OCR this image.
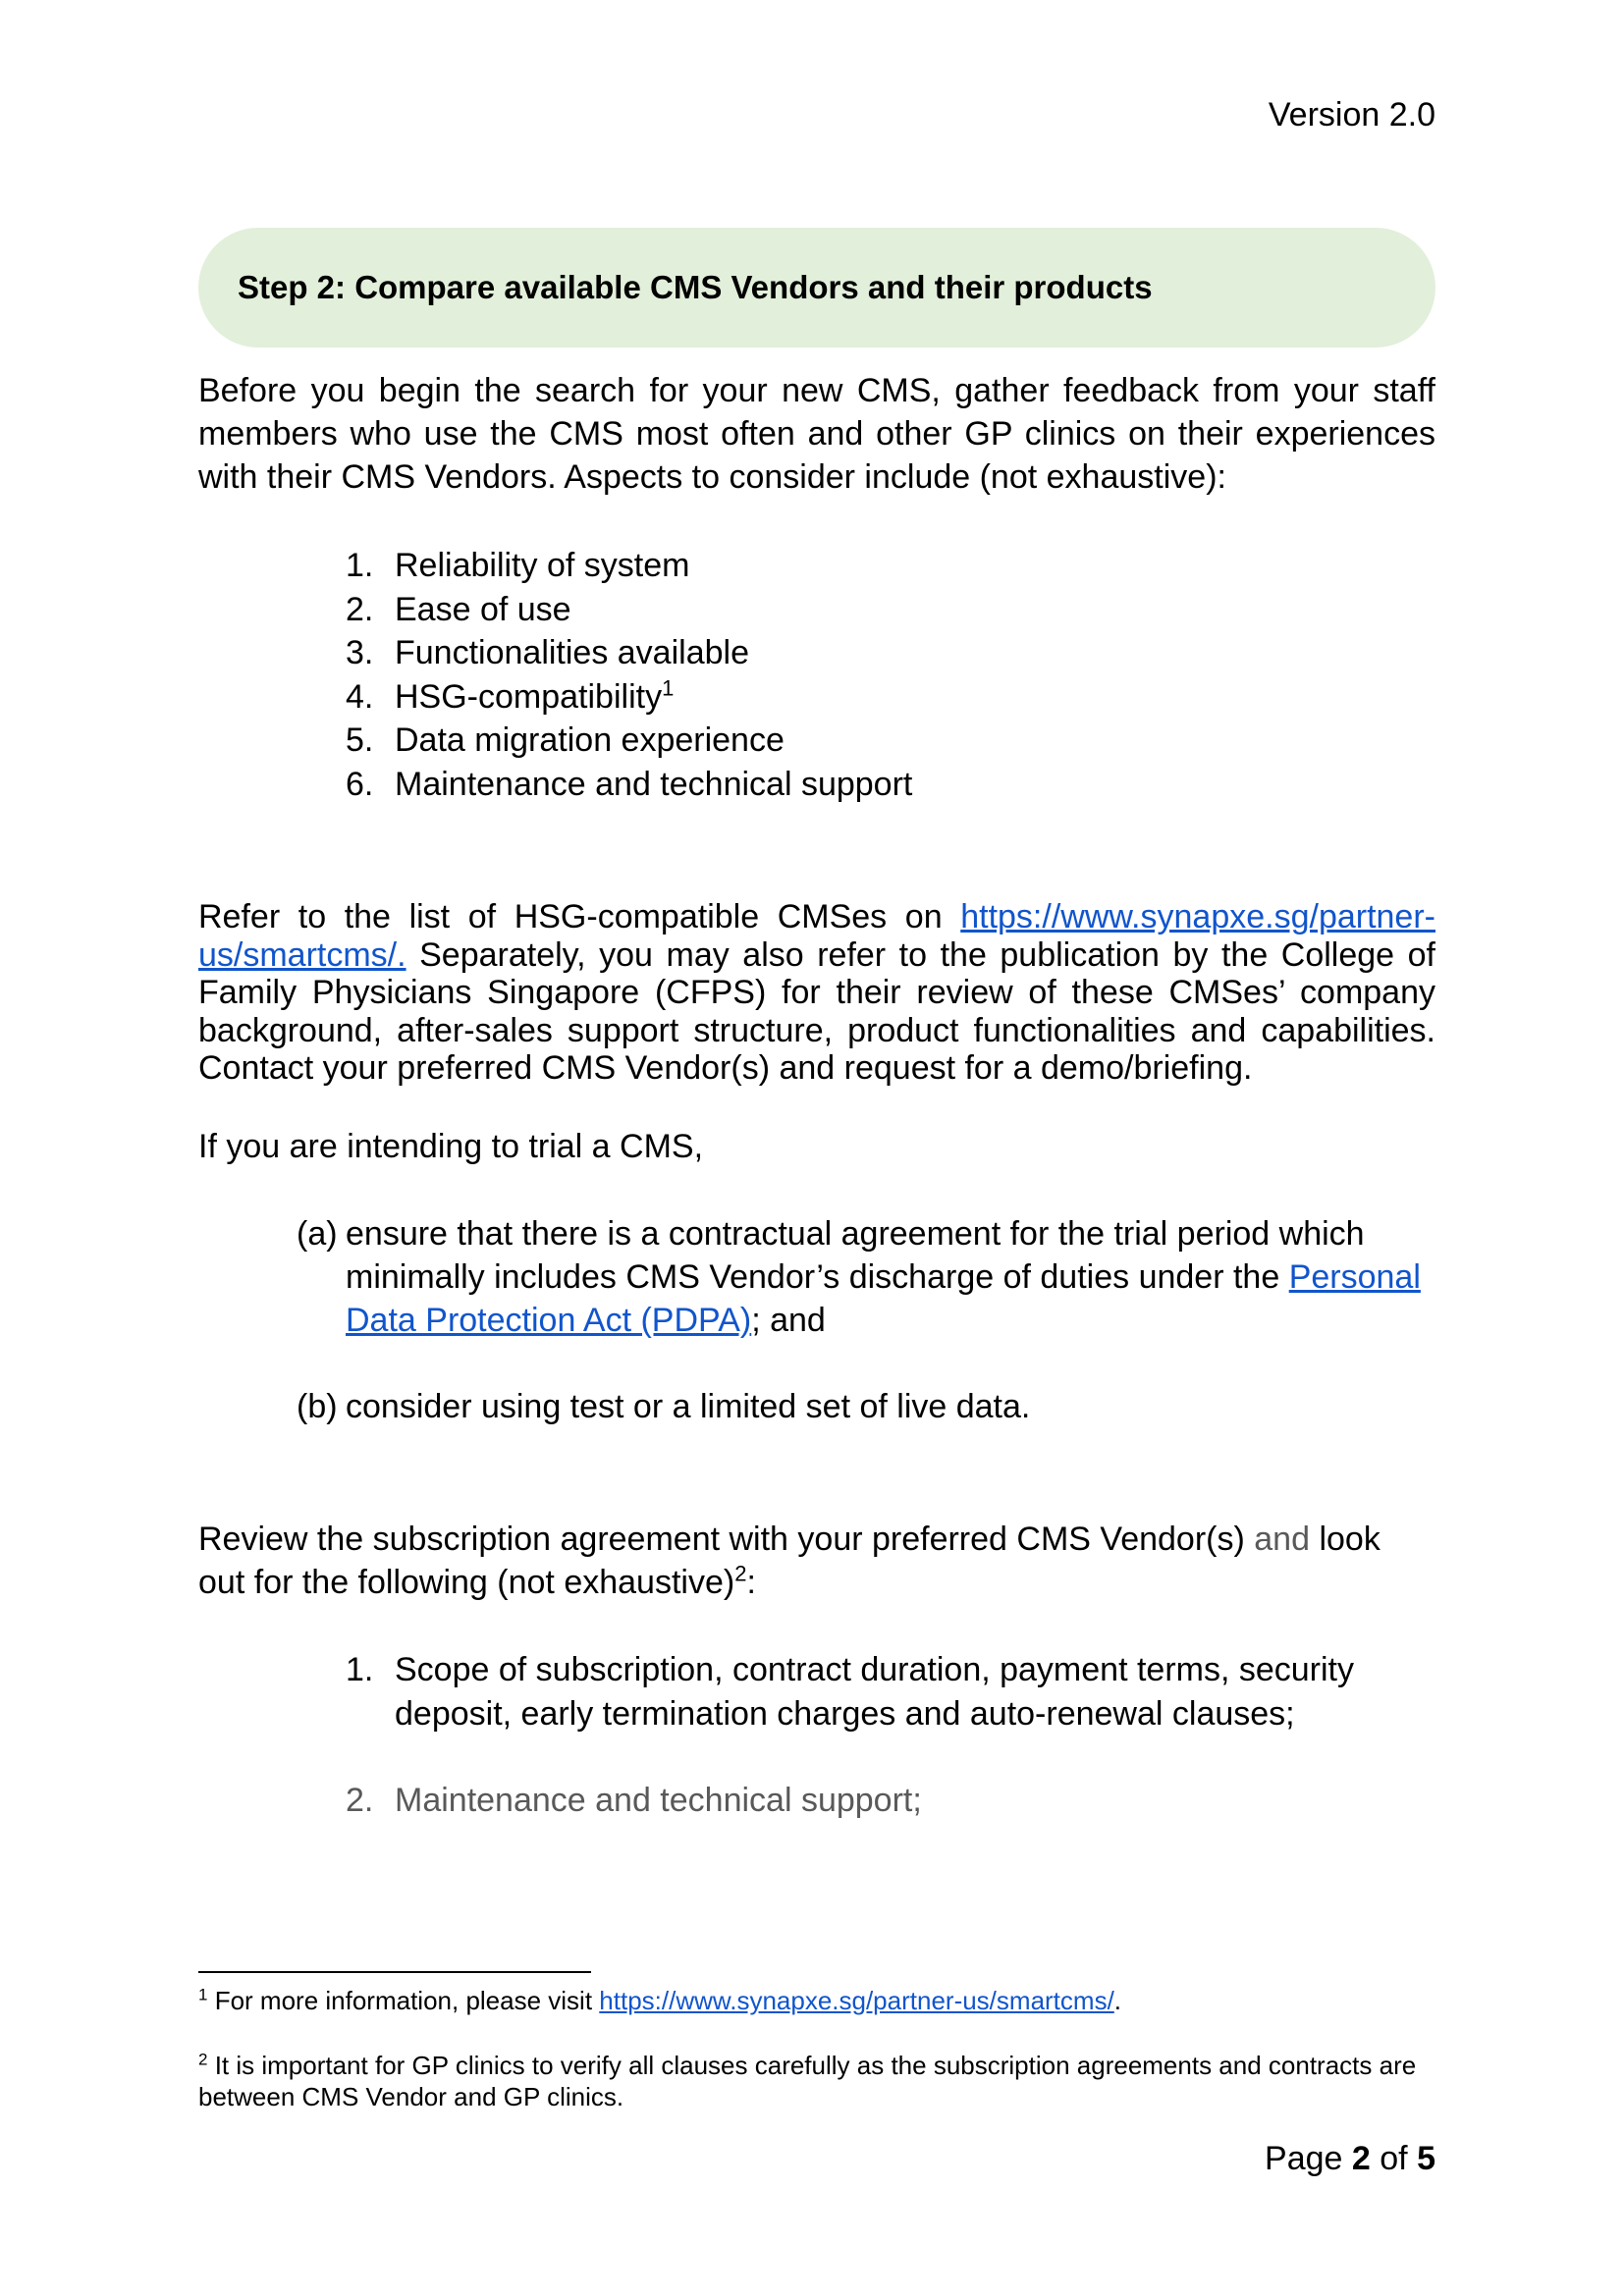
Version 2.0
Step 2: Compare available CMS Vendors and their products
Before you begin the search for your new CMS, gather feedback from your staff members who use the CMS most often and other GP clinics on their experiences with their CMS Vendors. Aspects to consider include (not exhaustive):
1. Reliability of system
2. Ease of use
3. Functionalities available
4. HSG-compatibility$^1$
5. Data migration experience
6. Maintenance and technical support
Refer to the list of HSG-compatible CMSes on https://www.synapxe.sg/partner-us/smartcms/. Separately, you may also refer to the publication by the College of Family Physicians Singapore (CFPS) for their review of these CMSes’ company background, after-sales support structure, product functionalities and capabilities. Contact your preferred CMS Vendor(s) and request for a demo/briefing.
If you are intending to trial a CMS,
(a) ensure that there is a contractual agreement for the trial period which minimally includes CMS Vendor’s discharge of duties under the Personal Data Protection Act (PDPA); and
(b) consider using test or a limited set of live data.
Review the subscription agreement with your preferred CMS Vendor(s) and look out for the following (not exhaustive)$^2$:
1. Scope of subscription, contract duration, payment terms, security deposit, early termination charges and auto-renewal clauses;
2. Maintenance and technical support;
$^1$ For more information, please visit https://www.synapxe.sg/partner-us/smartcms/.
$^2$ It is important for GP clinics to verify all clauses carefully as the subscription agreements and contracts are between CMS Vendor and GP clinics.
Page 2 of 5
